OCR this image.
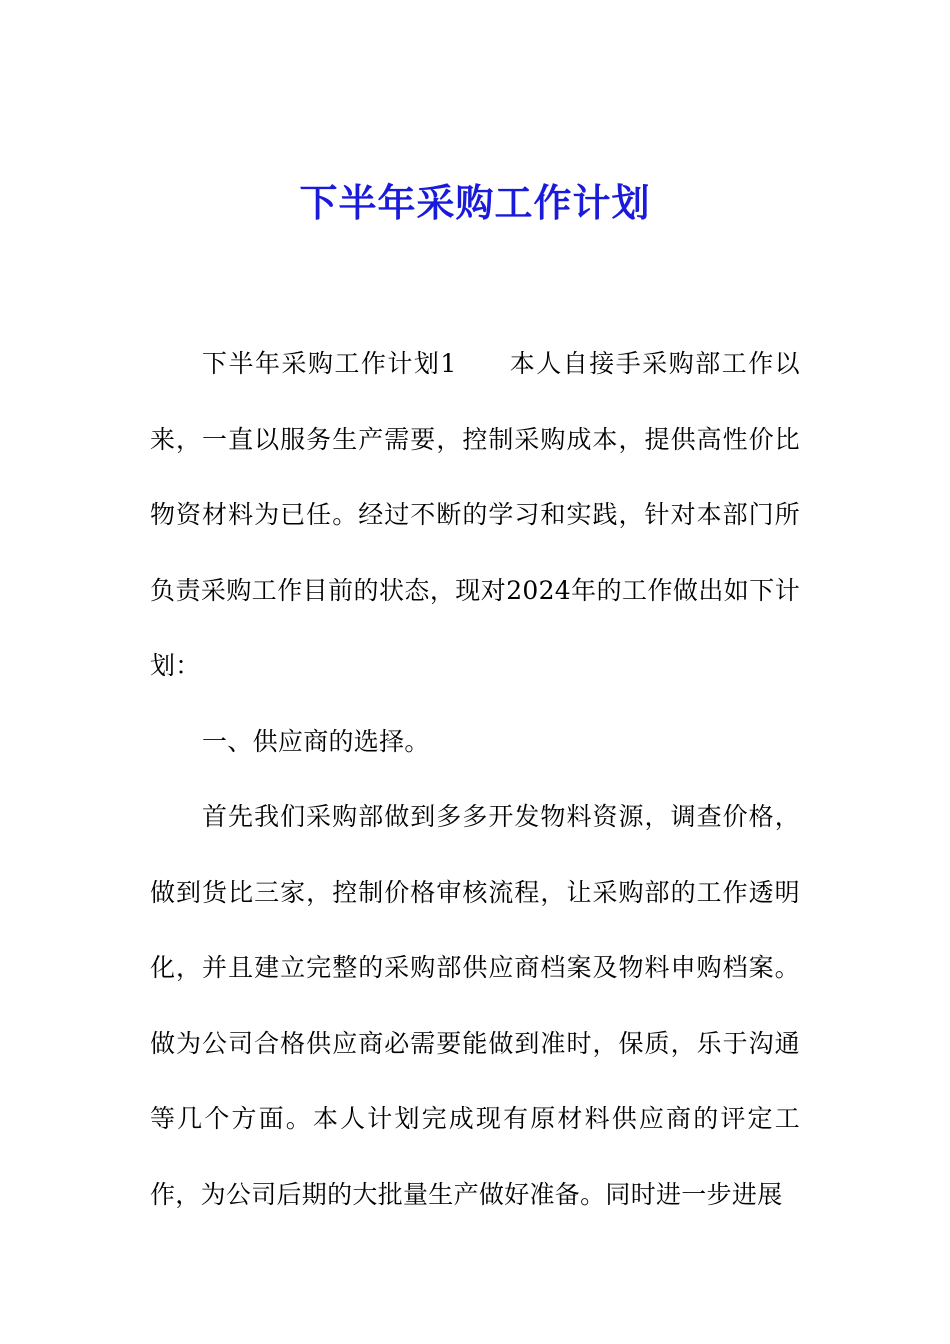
下半年采购工作计划

下半年采购工作计划1 本人自接手采购部工作以来，一直以服务生产需要，控制采购成本，提供高性价比物资材料为已任。经过不断的学习和实践，针对本部门所负责采购工作目前的状态，现对2024年的工作做出如下计划：

一、供应商的选择。

首先我们采购部做到多多开发物料资源，调查价格，做到货比三家，控制价格审核流程，让采购部的工作透明化，并且建立完整的采购部供应商档案及物料申购档案。做为公司合格供应商必需要能做到准时，保质，乐于沟通等几个方面。本人计划完成现有原材料供应商的评定工作，为公司后期的大批量生产做好准备。同时进一步进展
